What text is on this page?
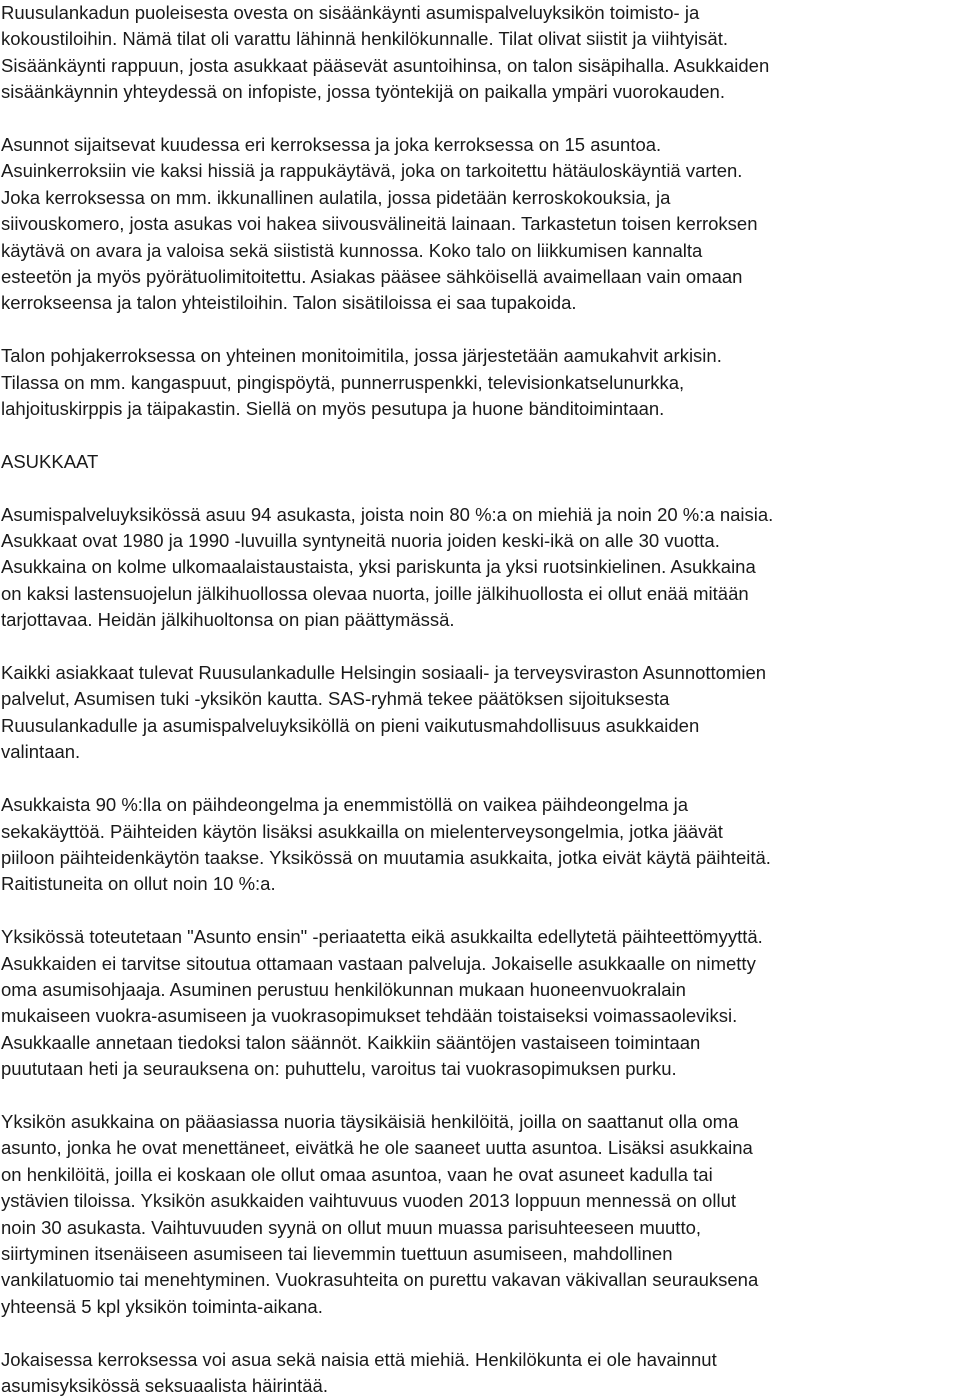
Ruusulankadun puoleisesta ovesta on sisäänkäynti asumispalveluyksikön toimisto- ja
kokoustiloihin. Nämä tilat oli varattu lähinnä henkilökunnalle. Tilat olivat siistit ja viihtyisät.
Sisäänkäynti rappuun, josta asukkaat pääsevät asuntoihinsa, on talon sisäpihalla. Asukkaiden
sisäänkäynnin yhteydessä on infopiste, jossa työntekijä on paikalla ympäri vuorokauden.
Asunnot sijaitsevat kuudessa eri kerroksessa ja joka kerroksessa on 15 asuntoa.
Asuinkerroksiin vie kaksi hissiä ja rappukäytävä, joka on tarkoitettu hätäuloskäyntiä varten.
Joka kerroksessa on mm. ikkunallinen aulatila, jossa pidetään kerroskokouksia, ja
siivouskomero, josta asukas voi hakea siivousvälineitä lainaan. Tarkastetun toisen kerroksen
käytävä on avara ja valoisa sekä siististä kunnossa. Koko talo on liikkumisen kannalta
esteetön ja myös pyörätuolimitoitettu. Asiakas pääsee sähköisellä avaimellaan vain omaan
kerrokseensa ja talon yhteistiloihin. Talon sisätiloissa ei saa tupakoida.
Talon pohjakerroksessa on yhteinen monitoimitila, jossa järjestetään aamukahvit arkisin.
Tilassa on mm. kangaspuut, pingispöytä, punnerruspenkki, televisionkatselunurkka,
lahjoituskirppis ja täipakastin. Siellä on myös pesutupa ja huone bänditoimintaan.
ASUKKAAT
Asumispalveluyksikössä asuu 94 asukasta, joista noin 80 %:a on miehiä ja noin 20 %:a naisia.
Asukkaat ovat 1980 ja 1990 -luvuilla syntyneitä nuoria joiden keski-ikä on alle 30 vuotta.
Asukkaina on kolme ulkomaalaistaustaista, yksi pariskunta ja yksi ruotsinkielinen. Asukkaina
on kaksi lastensuojelun jälkihuollossa olevaa nuorta, joille jälkihuollosta ei ollut enää mitään
tarjottavaa. Heidän jälkihuoltonsa on pian päättymässä.
Kaikki asiakkaat tulevat Ruusulankadulle Helsingin sosiaali- ja terveysviraston Asunnottomien
palvelut, Asumisen tuki -yksikön kautta. SAS-ryhmä tekee päätöksen sijoituksesta
Ruusulankadulle ja asumispalveluyksiköllä on pieni vaikutusmahdollisuus asukkaiden
valintaan.
Asukkaista 90 %:lla on päihdeongelma ja enemmistöllä on vaikea päihdeongelma ja
sekakäyttöä. Päihteiden käytön lisäksi asukkailla on mielenterveysongelmia, jotka jäävät
piiloon päihteidenkäytön taakse. Yksikössä on muutamia asukkaita, jotka eivät käytä päihteitä.
Raitistuneita on ollut noin 10 %:a.
Yksikössä toteutetaan "Asunto ensin" -periaatetta eikä asukkailta edellytetä päihteettömyyttä.
Asukkaiden ei tarvitse sitoutua ottamaan vastaan palveluja. Jokaiselle asukkaalle on nimetty
oma asumisohjaaja. Asuminen perustuu henkilökunnan mukaan huoneenvuokralain
mukaiseen vuokra-asumiseen ja vuokrasopimukset tehdään toistaiseksi voimassaoleviksi.
Asukkaalle annetaan tiedoksi talon säännöt. Kaikkiin sääntöjen vastaiseen toimintaan
puututaan heti ja seurauksena on: puhuttelu, varoitus tai vuokrasopimuksen purku.
Yksikön asukkaina on pääasiassa nuoria täysikäisiä henkilöitä, joilla on saattanut olla oma
asunto, jonka he ovat menettäneet, eivätkä he ole saaneet uutta asuntoa. Lisäksi asukkaina
on henkilöitä, joilla ei koskaan ole ollut omaa asuntoa, vaan he ovat asuneet kadulla tai
ystävien tiloissa. Yksikön asukkaiden vaihtuvuus vuoden 2013 loppuun mennessä on ollut
noin 30 asukasta. Vaihtuvuuden syynä on ollut muun muassa parisuhteeseen muutto,
siirtyminen itsenäiseen asumiseen tai lievemmin tuettuun asumiseen, mahdollinen
vankilatuomio tai menehtyminen. Vuokrasuhteita on purettu vakavan väkivallan seurauksena
yhteensä 5 kpl yksikön toiminta-aikana.
Jokaisessa kerroksessa voi asua sekä naisia että miehiä. Henkilökunta ei ole havainnut
asumisyksikössä seksuaalista häirintää.
